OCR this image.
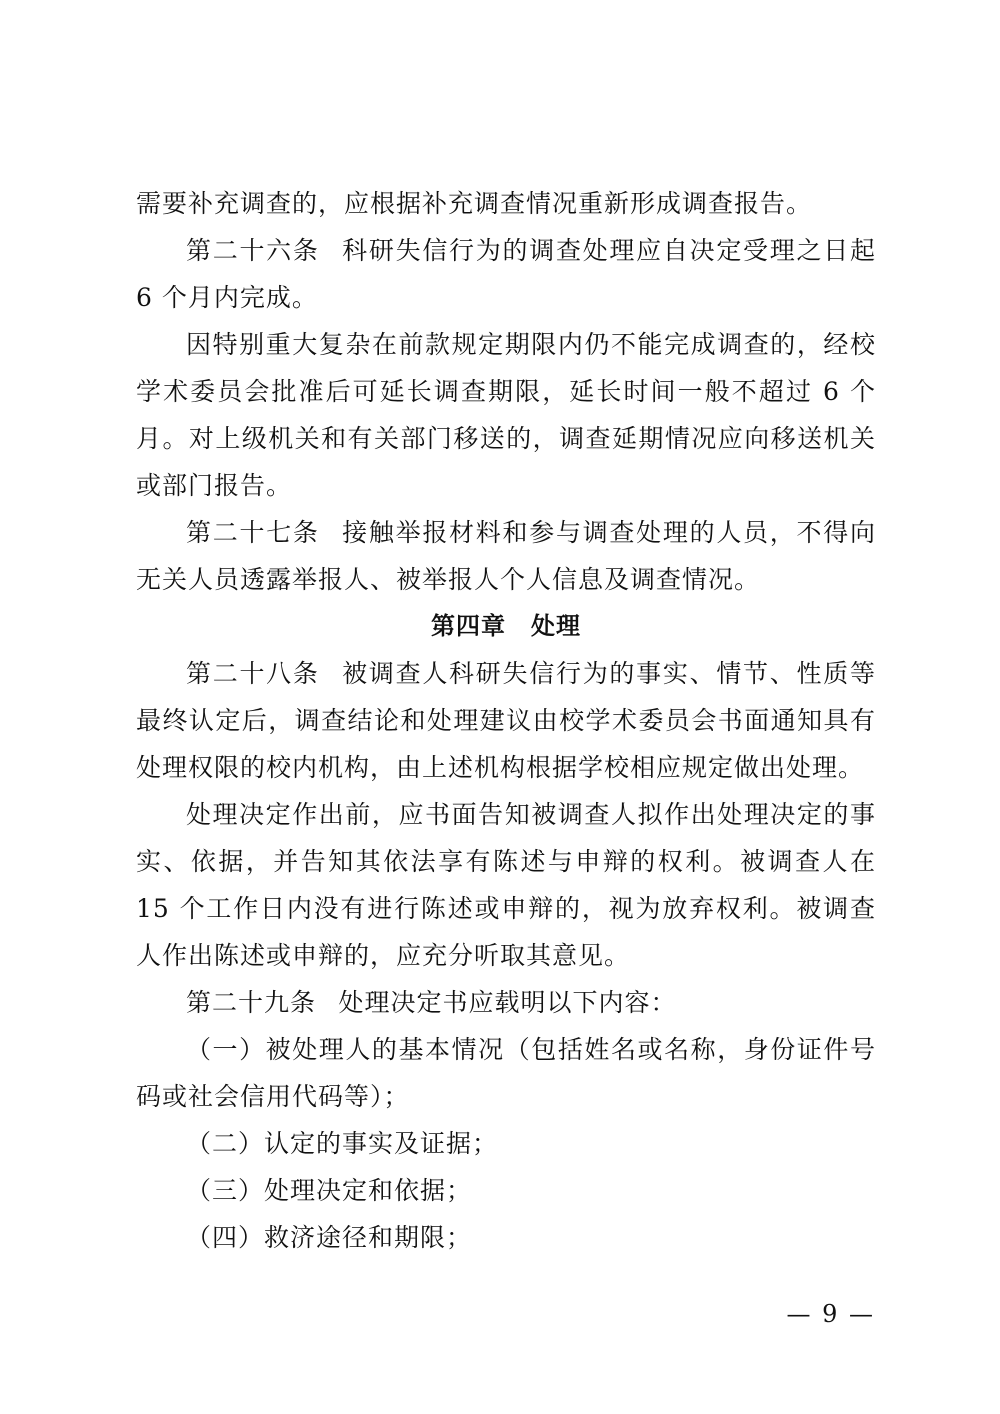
需要补充调查的，应根据补充调查情况重新形成调查报告。

第二十六条 科研失信行为的调查处理应自决定受理之日起 6 个月内完成。

因特别重大复杂在前款规定期限内仍不能完成调查的，经校学术委员会批准后可延长调查期限，延长时间一般不超过 6 个月。对上级机关和有关部门移送的，调查延期情况应向移送机关或部门报告。

第二十七条 接触举报材料和参与调查处理的人员，不得向无关人员透露举报人、被举报人个人信息及调查情况。

第四章　处理

第二十八条 被调查人科研失信行为的事实、情节、性质等最终认定后，调查结论和处理建议由校学术委员会书面通知具有处理权限的校内机构，由上述机构根据学校相应规定做出处理。

处理决定作出前，应书面告知被调查人拟作出处理决定的事实、依据，并告知其依法享有陈述与申辩的权利。被调查人在 15 个工作日内没有进行陈述或申辩的，视为放弃权利。被调查人作出陈述或申辩的，应充分听取其意见。

第二十九条 处理决定书应载明以下内容：

（一）被处理人的基本情况（包括姓名或名称，身份证件号码或社会信用代码等）；

（二）认定的事实及证据；

（三）处理决定和依据；

（四）救济途径和期限；

— 9 —
